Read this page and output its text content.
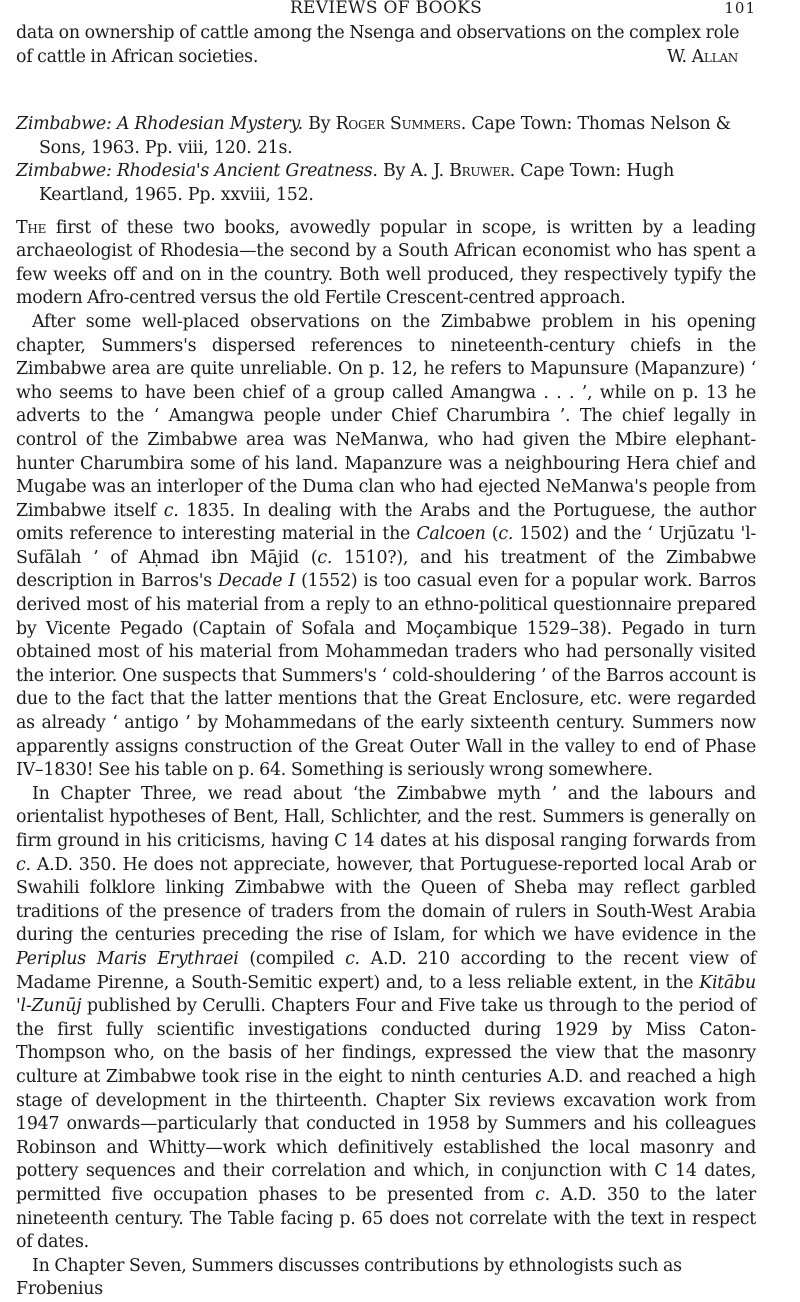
REVIEWS OF BOOKS	101

data on ownership of cattle among the Nsenga and observations on the complex role of cattle in African societies.	W. Allan

Zimbabwe: A Rhodesian Mystery. By Roger Summers. Cape Town: Thomas Nelson & Sons, 1963. Pp. viii, 120. 21s.

Zimbabwe: Rhodesia's Ancient Greatness. By A. J. Bruwer. Cape Town: Hugh Keartland, 1965. Pp. xxviii, 152.

The first of these two books, avowedly popular in scope, is written by a leading archaeologist of Rhodesia—the second by a South African economist who has spent a few weeks off and on in the country. Both well produced, they respectively typify the modern Afro-centred versus the old Fertile Crescent-centred approach.

After some well-placed observations on the Zimbabwe problem in his opening chapter, Summers's dispersed references to nineteenth-century chiefs in the Zimbabwe area are quite unreliable. On p. 12, he refers to Mapunsure (Mapanzure) ‘ who seems to have been chief of a group called Amangwa . . . ’, while on p. 13 he adverts to the ‘ Amangwa people under Chief Charumbira ’. The chief legally in control of the Zimbabwe area was NeManwa, who had given the Mbire elephant-hunter Charumbira some of his land. Mapanzure was a neighbouring Hera chief and Mugabe was an interloper of the Duma clan who had ejected NeManwa's people from Zimbabwe itself c. 1835. In dealing with the Arabs and the Portuguese, the author omits reference to interesting material in the Calcoen (c. 1502) and the ‘ Urjūzatu 'l-Sufālah ’ of Aḥmad ibn Mājid (c. 1510?), and his treatment of the Zimbabwe description in Barros's Decade I (1552) is too casual even for a popular work. Barros derived most of his material from a reply to an ethno-political questionnaire prepared by Vicente Pegado (Captain of Sofala and Moçambique 1529–38). Pegado in turn obtained most of his material from Mohammedan traders who had personally visited the interior. One suspects that Summers's ‘ cold-shouldering ’ of the Barros account is due to the fact that the latter mentions that the Great Enclosure, etc. were regarded as already ‘ antigo ’ by Mohammedans of the early sixteenth century. Summers now apparently assigns construction of the Great Outer Wall in the valley to end of Phase IV–1830! See his table on p. 64. Something is seriously wrong somewhere.

In Chapter Three, we read about ‘the Zimbabwe myth ’ and the labours and orientalist hypotheses of Bent, Hall, Schlichter, and the rest. Summers is generally on firm ground in his criticisms, having C 14 dates at his disposal ranging forwards from c. A.D. 350. He does not appreciate, however, that Portuguese-reported local Arab or Swahili folklore linking Zimbabwe with the Queen of Sheba may reflect garbled traditions of the presence of traders from the domain of rulers in South-West Arabia during the centuries preceding the rise of Islam, for which we have evidence in the Periplus Maris Erythraei (compiled c. A.D. 210 according to the recent view of Madame Pirenne, a South-Semitic expert) and, to a less reliable extent, in the Kitābu 'l-Zunūj published by Cerulli. Chapters Four and Five take us through to the period of the first fully scientific investigations conducted during 1929 by Miss Caton-Thompson who, on the basis of her findings, expressed the view that the masonry culture at Zimbabwe took rise in the eight to ninth centuries A.D. and reached a high stage of development in the thirteenth. Chapter Six reviews excavation work from 1947 onwards—particularly that conducted in 1958 by Summers and his colleagues Robinson and Whitty—work which definitively established the local masonry and pottery sequences and their correlation and which, in conjunction with C 14 dates, permitted five occupation phases to be presented from c. A.D. 350 to the later nineteenth century. The Table facing p. 65 does not correlate with the text in respect of dates.

In Chapter Seven, Summers discusses contributions by ethnologists such as Frobenius
